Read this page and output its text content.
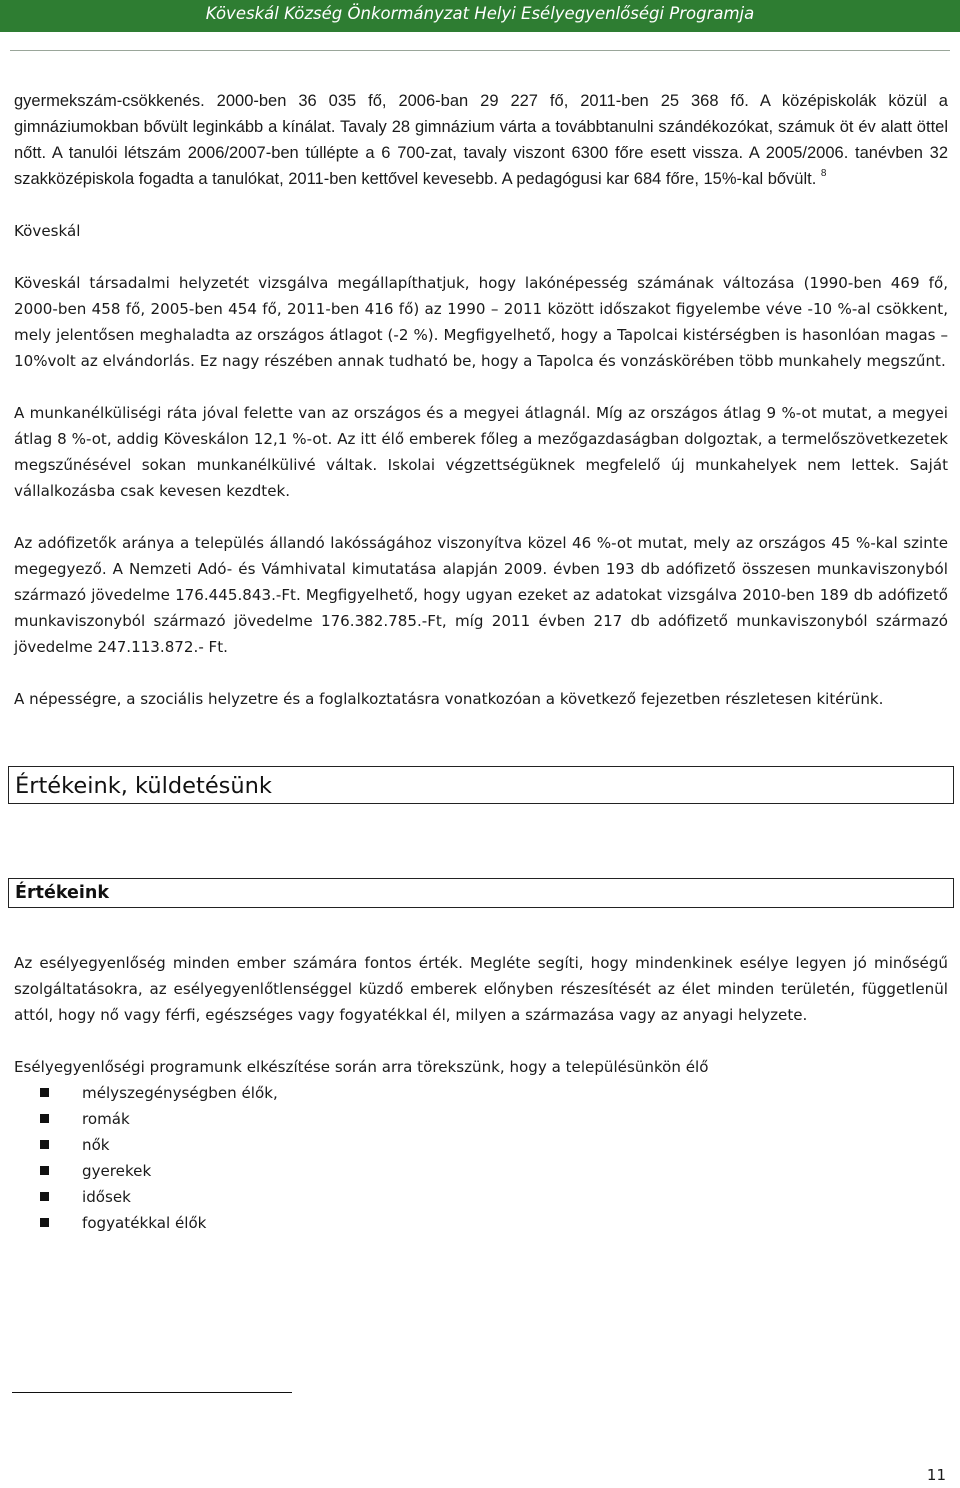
Köveskál Község Önkormányzat Helyi Esélyegyenlőségi Programja

gyermekszám-csökkenés. 2000-ben 36 035 fő, 2006-ban 29 227 fő, 2011-ben 25 368 fő. A középiskolák közül a gimnáziumokban bővült leginkább a kínálat. Tavaly 28 gimnázium várta a továbbtanulni szándékozókat, számuk öt év alatt öttel nőtt. A tanulói létszám 2006/2007-ben túllépte a 6 700-zat, tavaly viszont 6300 főre esett vissza. A 2005/2006. tanévben 32 szakközépiskola fogadta a tanulókat, 2011-ben kettővel kevesebb. A pedagógusi kar 684 főre, 15%-kal bővült. $^8$

Köveskál

Köveskál társadalmi helyzetét vizsgálva megállapíthatjuk, hogy lakónépesség számának változása (1990-ben 469 fő, 2000-ben 458 fő, 2005-ben 454 fő, 2011-ben 416 fő) az 1990 – 2011 között időszakot figyelembe véve -10 %-al csökkent, mely jelentősen meghaladta az országos átlagot (-2 %). Megfigyelhető, hogy a Tapolcai kistérségben is hasonlóan magas – 10%volt az elvándorlás. Ez nagy részében annak tudható be, hogy a Tapolca és vonzáskörében több munkahely megszűnt.

A munkanélküliségi ráta jóval felette van az országos és a megyei átlagnál. Míg az országos átlag 9 %-ot mutat, a megyei átlag 8 %-ot, addig Köveskálon 12,1 %-ot. Az itt élő emberek főleg a mezőgazdaságban dolgoztak, a termelőszövetkezetek megszűnésével sokan munkanélkülivé váltak. Iskolai végzettségüknek megfelelő új munkahelyek nem lettek. Saját vállalkozásba csak kevesen kezdtek.

Az adófizetők aránya a település állandó lakósságához viszonyítva közel 46 %-ot mutat, mely az országos 45 %-kal szinte megegyező. A Nemzeti Adó- és Vámhivatal kimutatása alapján 2009. évben 193 db adófizető összesen munkaviszonyból származó jövedelme 176.445.843.-Ft. Megfigyelhető, hogy ugyan ezeket az adatokat vizsgálva 2010-ben 189 db adófizető munkaviszonyból származó jövedelme 176.382.785.-Ft, míg 2011 évben 217 db adófizető munkaviszonyból származó jövedelme 247.113.872.- Ft.

A népességre, a szociális helyzetre és a foglalkoztatásra vonatkozóan a következő fejezetben részletesen kitérünk.

Értékeink, küldetésünk
Értékeink

Az esélyegyenlőség minden ember számára fontos érték. Megléte segíti, hogy mindenkinek esélye legyen jó minőségű szolgáltatásokra, az esélyegyenlőtlenséggel küzdő emberek előnyben részesítését az élet minden területén, függetlenül attól, hogy nő vagy férfi, egészséges vagy fogyatékkal él, milyen a származása vagy az anyagi helyzete.

Esélyegyenlőségi programunk elkészítése során arra törekszünk, hogy a településünkön élő

mélyszegénységben élők,
romák
nők
gyerekek
idősek
fogyatékkal élők
11
